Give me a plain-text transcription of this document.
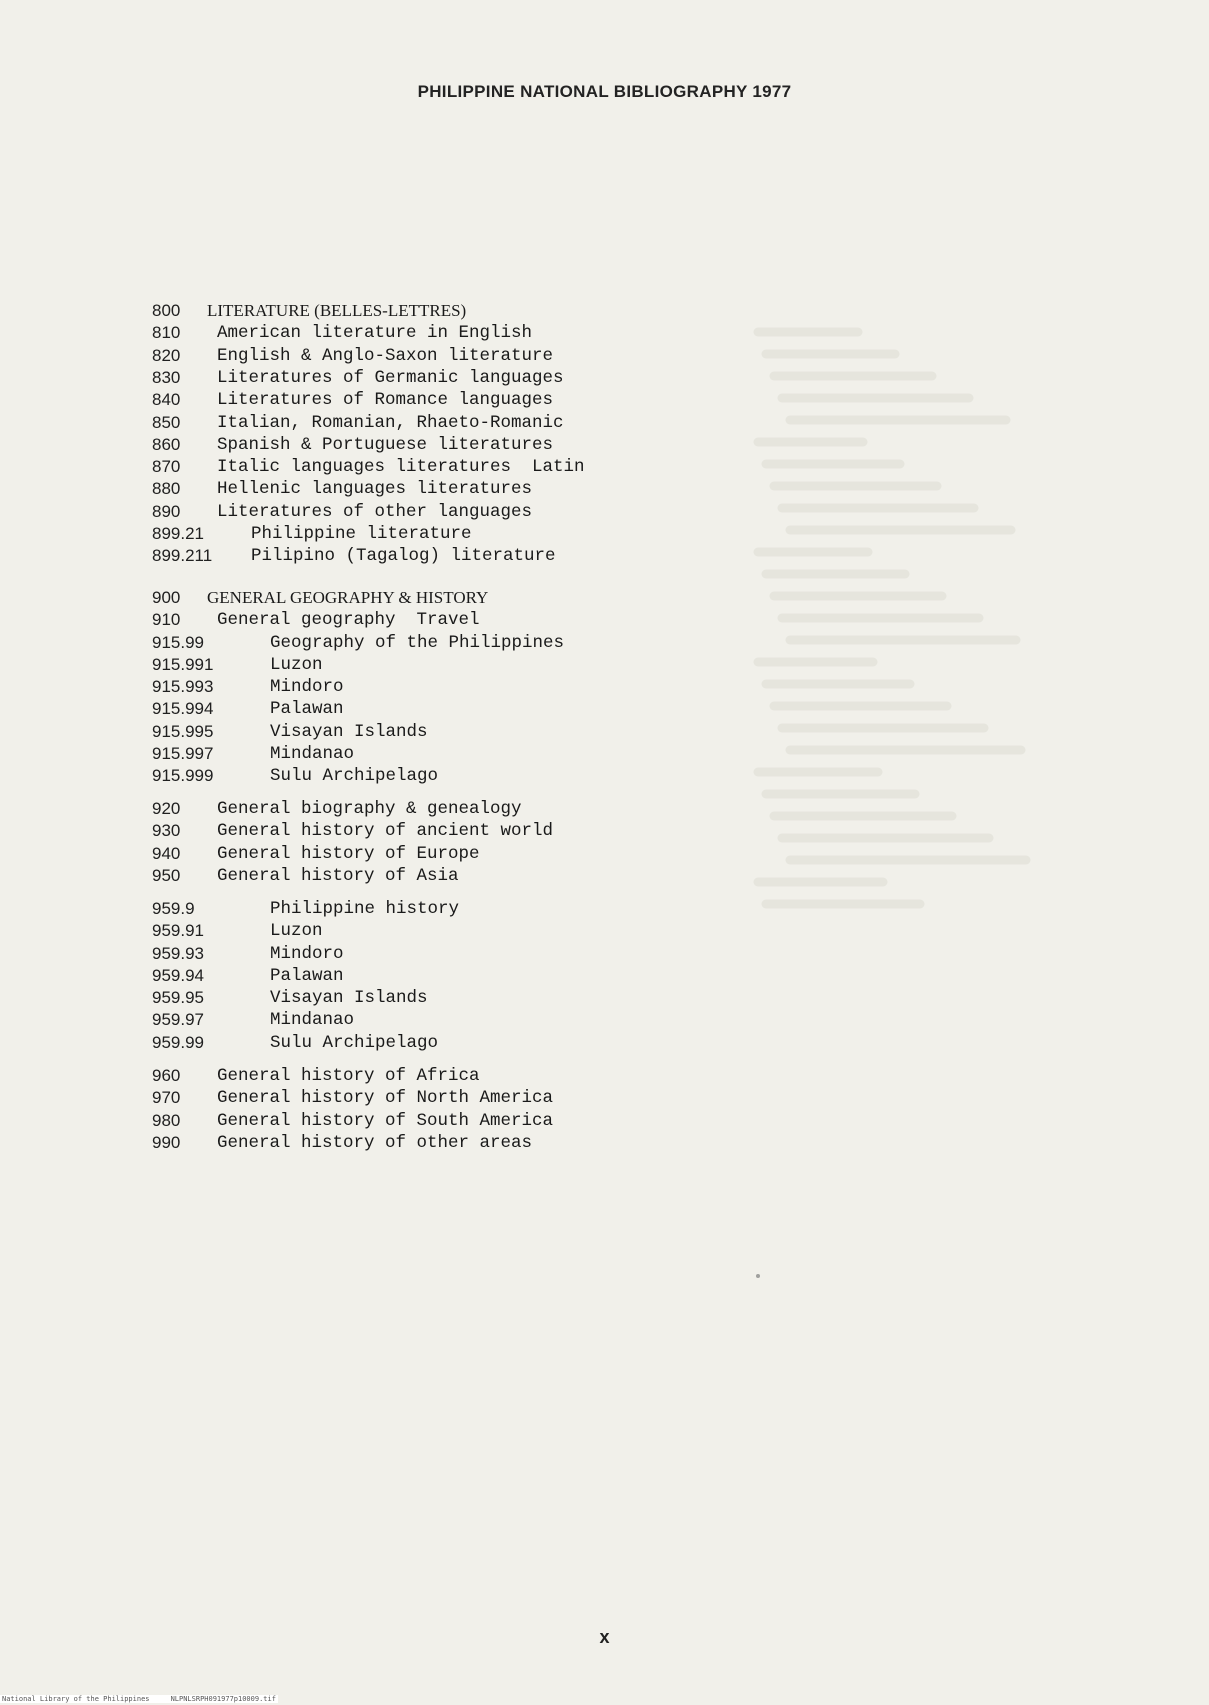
PHILIPPINE NATIONAL BIBLIOGRAPHY 1977
800 LITERATURE (BELLES-LETTRES)
810 American literature in English
820 English & Anglo-Saxon literature
830 Literatures of Germanic languages
840 Literatures of Romance languages
850 Italian, Romanian, Rhaeto-Romanic
860 Spanish & Portuguese literatures
870 Italic languages literatures  Latin
880 Hellenic languages literatures
890 Literatures of other languages
899.21	Philippine literature
899.211 Pilipino (Tagalog) literature
900 GENERAL GEOGRAPHY & HISTORY
910 General geography  Travel
915.99	Geography of the Philippines
915.991	Luzon
915.993	Mindoro
915.994	Palawan
915.995	Visayan Islands
915.997	Mindanao
915.999	Sulu Archipelago
920 General biography & genealogy
930 General history of ancient world
940 General history of Europe
950 General history of Asia
959.9	Philippine history
959.91	Luzon
959.93	Mindoro
959.94	Palawan
959.95	Visayan Islands
959.97	Mindanao
959.99	Sulu Archipelago
960 General history of Africa
970 General history of North America
980 General history of South America
990 General history of other areas
x
National Library of the Philippines     NLPNLSRPH091977p10009.tif
